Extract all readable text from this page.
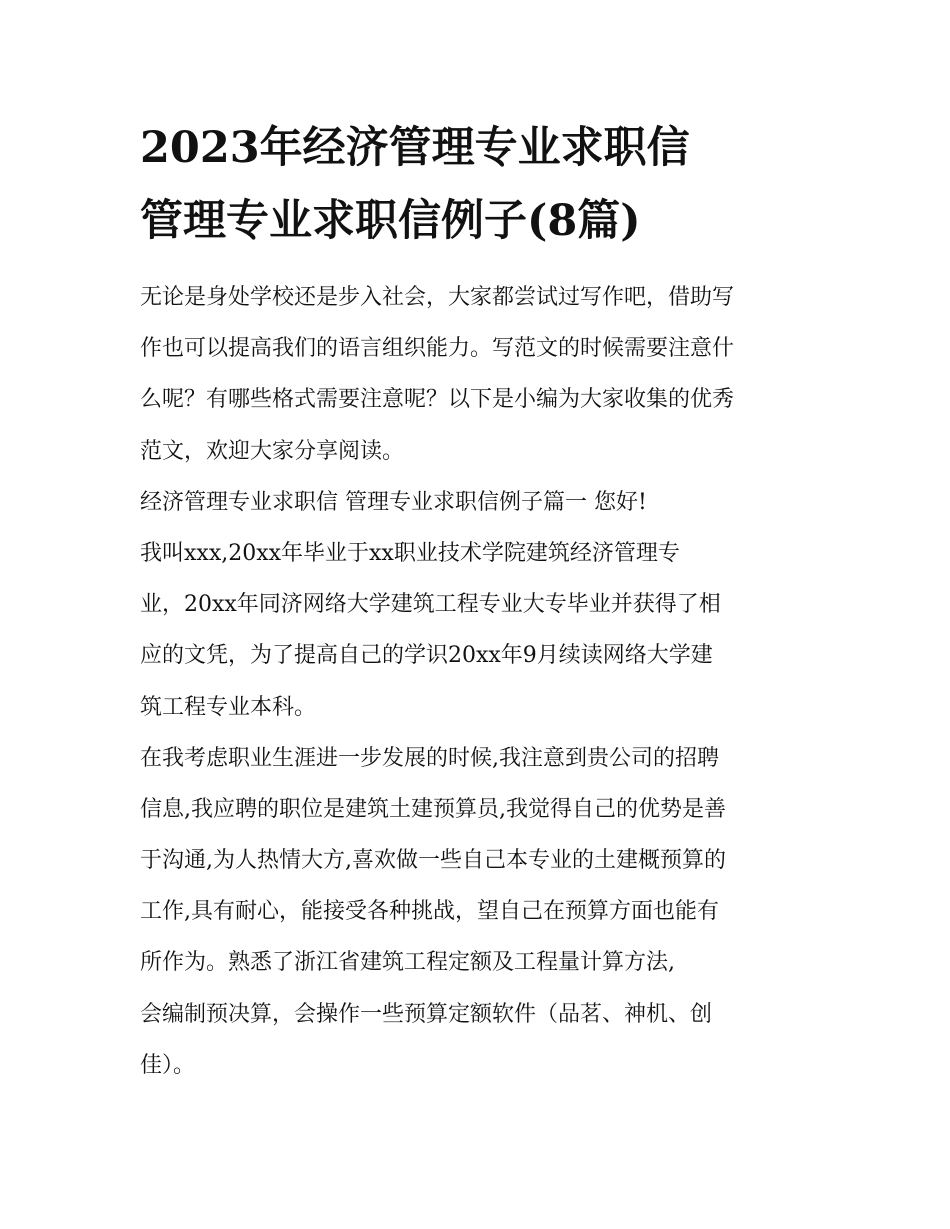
2023年经济管理专业求职信
管理专业求职信例子(8篇)
无论是身处学校还是步入社会，大家都尝试过写作吧，借助写
作也可以提高我们的语言组织能力。写范文的时候需要注意什
么呢？有哪些格式需要注意呢？以下是小编为大家收集的优秀
范文，欢迎大家分享阅读。
经济管理专业求职信 管理专业求职信例子篇一 您好!
我叫xxx,20xx年毕业于xx职业技术学院建筑经济管理专
业，20xx年同济网络大学建筑工程专业大专毕业并获得了相
应的文凭，为了提高自己的学识20xx年9月续读网络大学建
筑工程专业本科。
在我考虑职业生涯进一步发展的时候,我注意到贵公司的招聘
信息,我应聘的职位是建筑土建预算员,我觉得自己的优势是善
于沟通,为人热情大方,喜欢做一些自己本专业的土建概预算的
工作,具有耐心，能接受各种挑战，望自己在预算方面也能有
所作为。熟悉了浙江省建筑工程定额及工程量计算方法,
会编制预决算，会操作一些预算定额软件（品茗、神机、创
佳）。
